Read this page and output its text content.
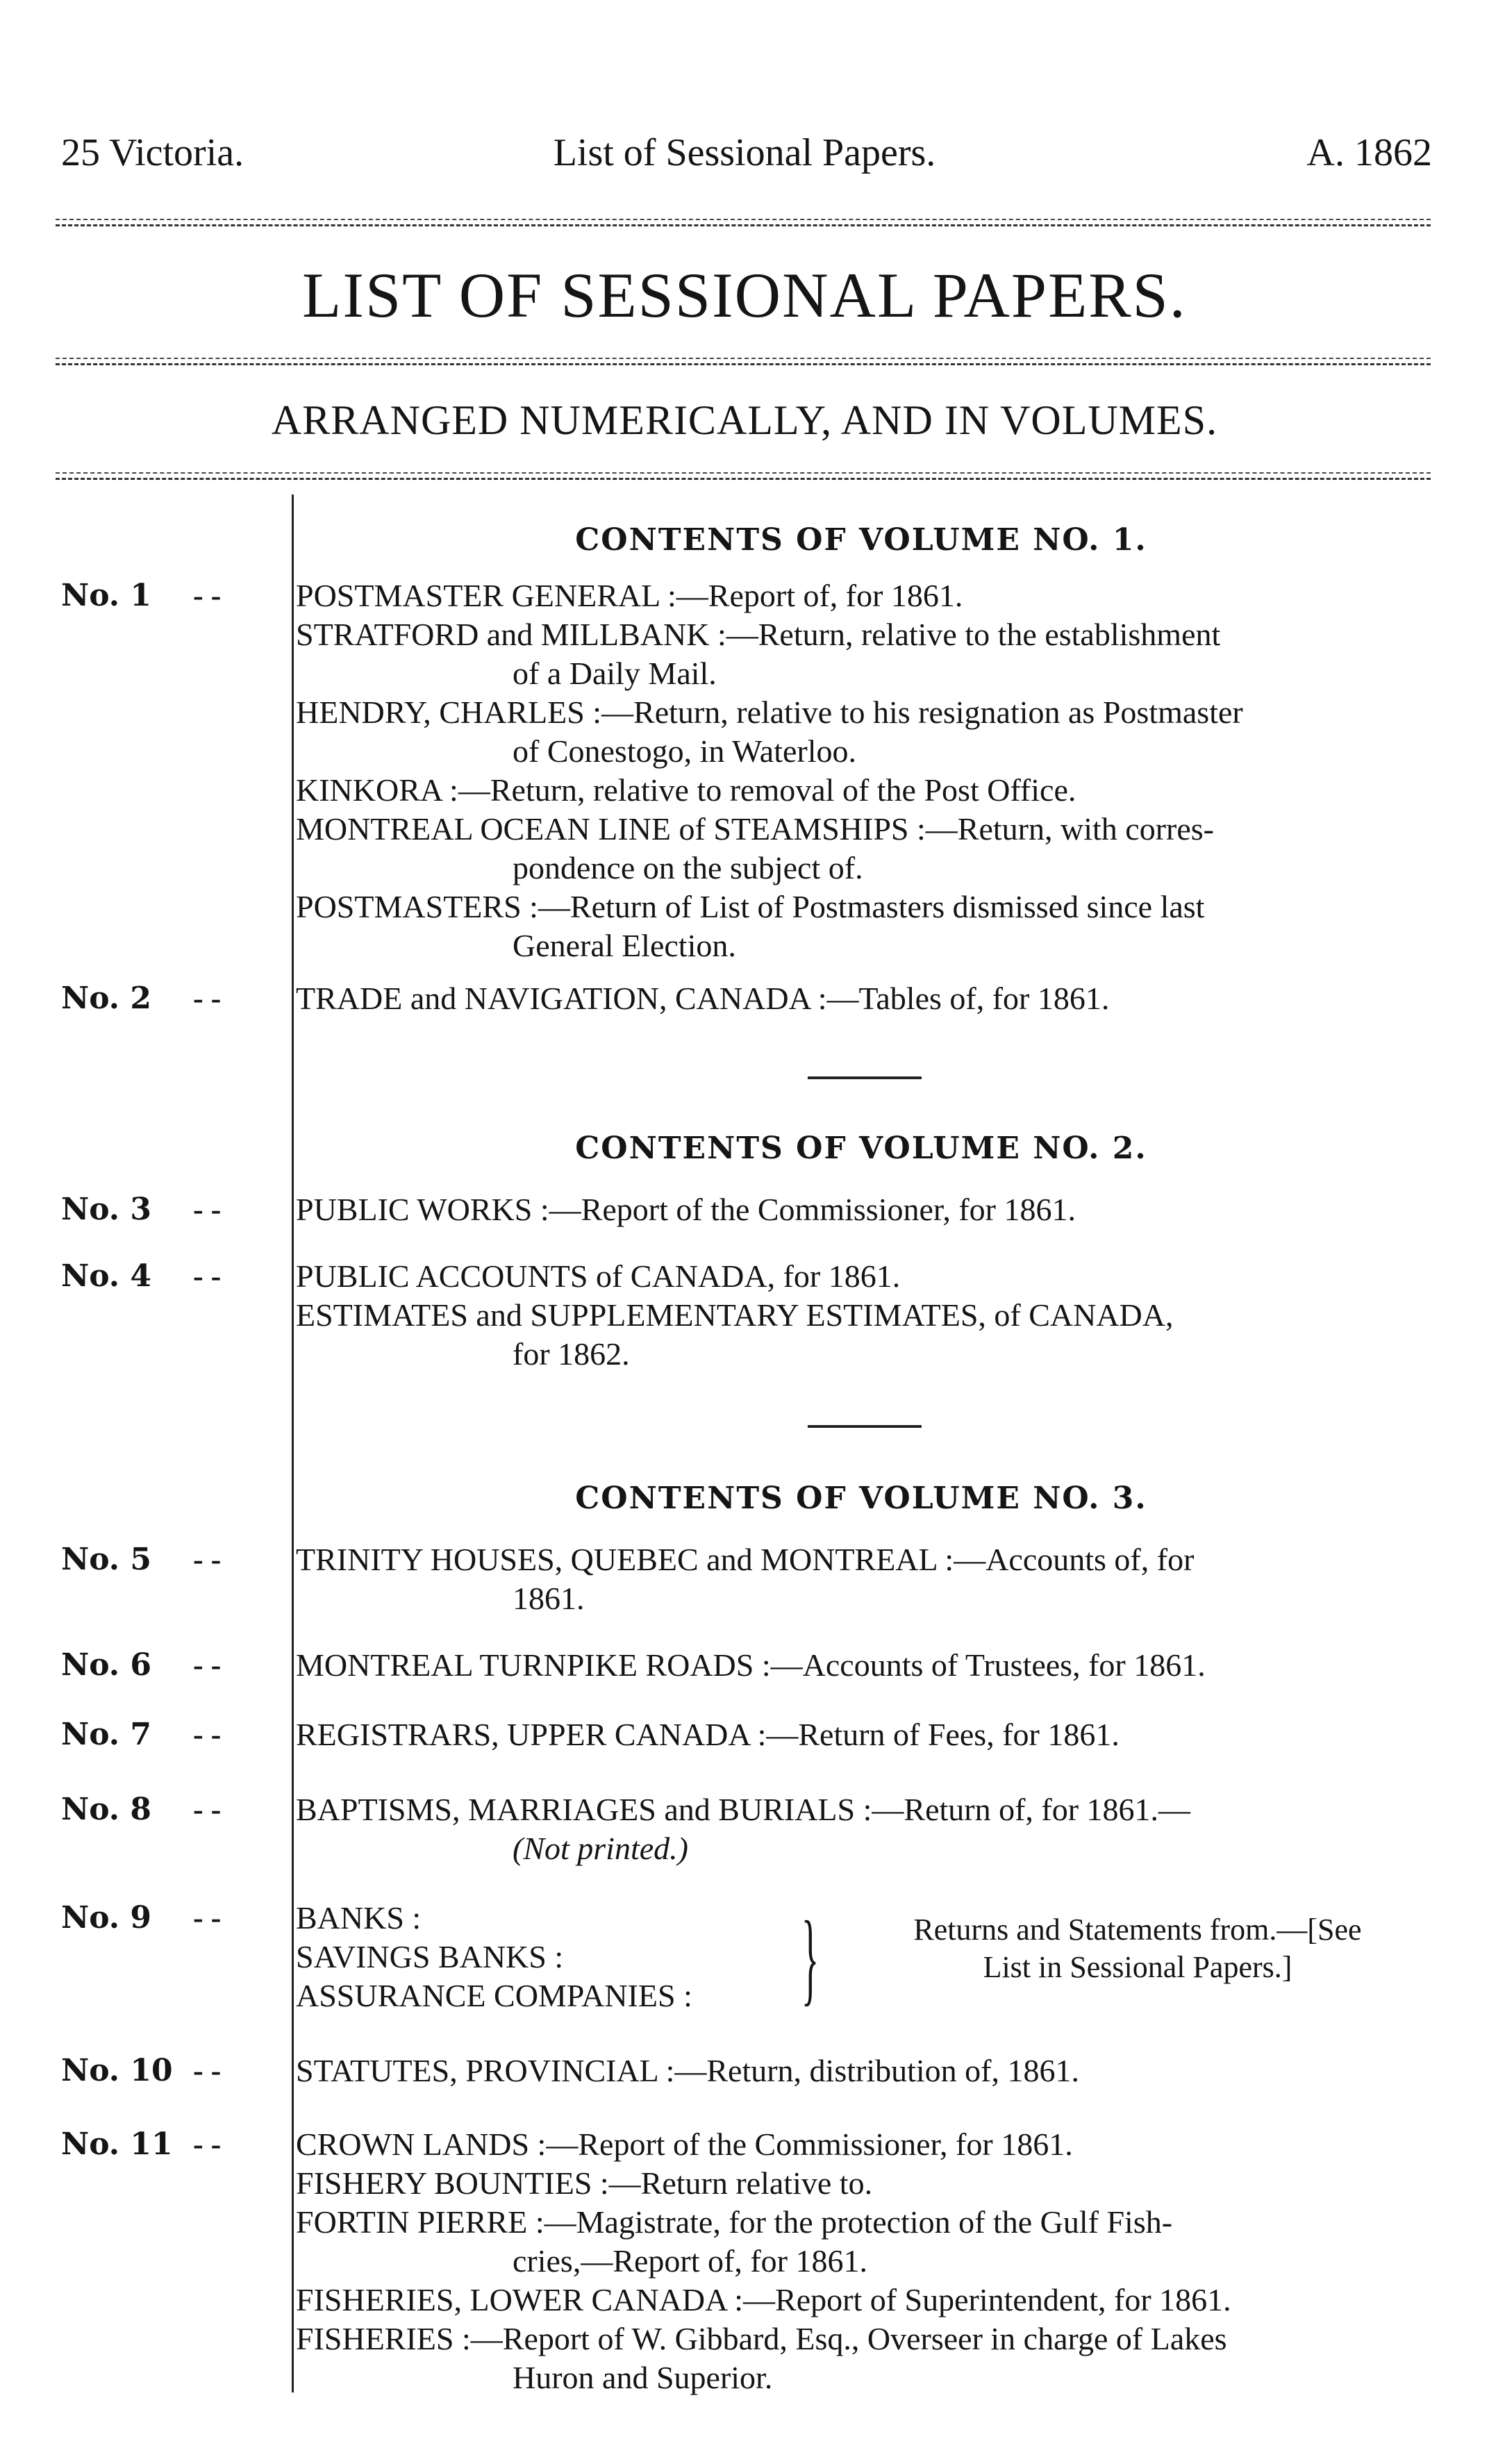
25 Victoria.	List of Sessional Papers.	A. 1862
LIST OF SESSIONAL PAPERS.
ARRANGED NUMERICALLY, AND IN VOLUMES.
CONTENTS OF VOLUME NO. 1.
No. 1 - - POSTMASTER GENERAL :—Report of, for 1861.
STRATFORD and MILLBANK :—Return, relative to the establishment
of a Daily Mail.
HENDRY, CHARLES :—Return, relative to his resignation as Postmaster
of Conestogo, in Waterloo.
KINKORA :—Return, relative to removal of the Post Office.
MONTREAL OCEAN LINE of STEAMSHIPS :—Return, with corres-
pondence on the subject of.
POSTMASTERS :—Return of List of Postmasters dismissed since last
General Election.
No. 2 - - TRADE and NAVIGATION, CANADA :—Tables of, for 1861.
CONTENTS OF VOLUME NO. 2.
No. 3 - - PUBLIC WORKS :—Report of the Commissioner, for 1861.
No. 4 - - PUBLIC ACCOUNTS of CANADA, for 1861.
ESTIMATES and SUPPLEMENTARY ESTIMATES, of CANADA,
for 1862.
CONTENTS OF VOLUME NO. 3.
No. 5 - - TRINITY HOUSES, QUEBEC and MONTREAL :—Accounts of, for
1861.
No. 6 - - MONTREAL TURNPIKE ROADS :—Accounts of Trustees, for 1861.
No. 7 - - REGISTRARS, UPPER CANADA :—Return of Fees, for 1861.
No. 8 - - BAPTISMS, MARRIAGES and BURIALS :—Return of, for 1861.—
(Not printed.)
No. 9 - - BANKS :
SAVINGS BANKS :
ASSURANCE COMPANIES :	}	Returns and Statements from.—[See
List in Sessional Papers.]
No. 10 - - STATUTES, PROVINCIAL :—Return, distribution of, 1861.
No. 11 - - CROWN LANDS :—Report of the Commissioner, for 1861.
FISHERY BOUNTIES :—Return relative to.
FORTIN PIERRE :—Magistrate, for the protection of the Gulf Fish-
cries,—Report of, for 1861.
FISHERIES, LOWER CANADA :—Report of Superintendent, for 1861.
FISHERIES :—Report of W. Gibbard, Esq., Overseer in charge of Lakes
Huron and Superior.
